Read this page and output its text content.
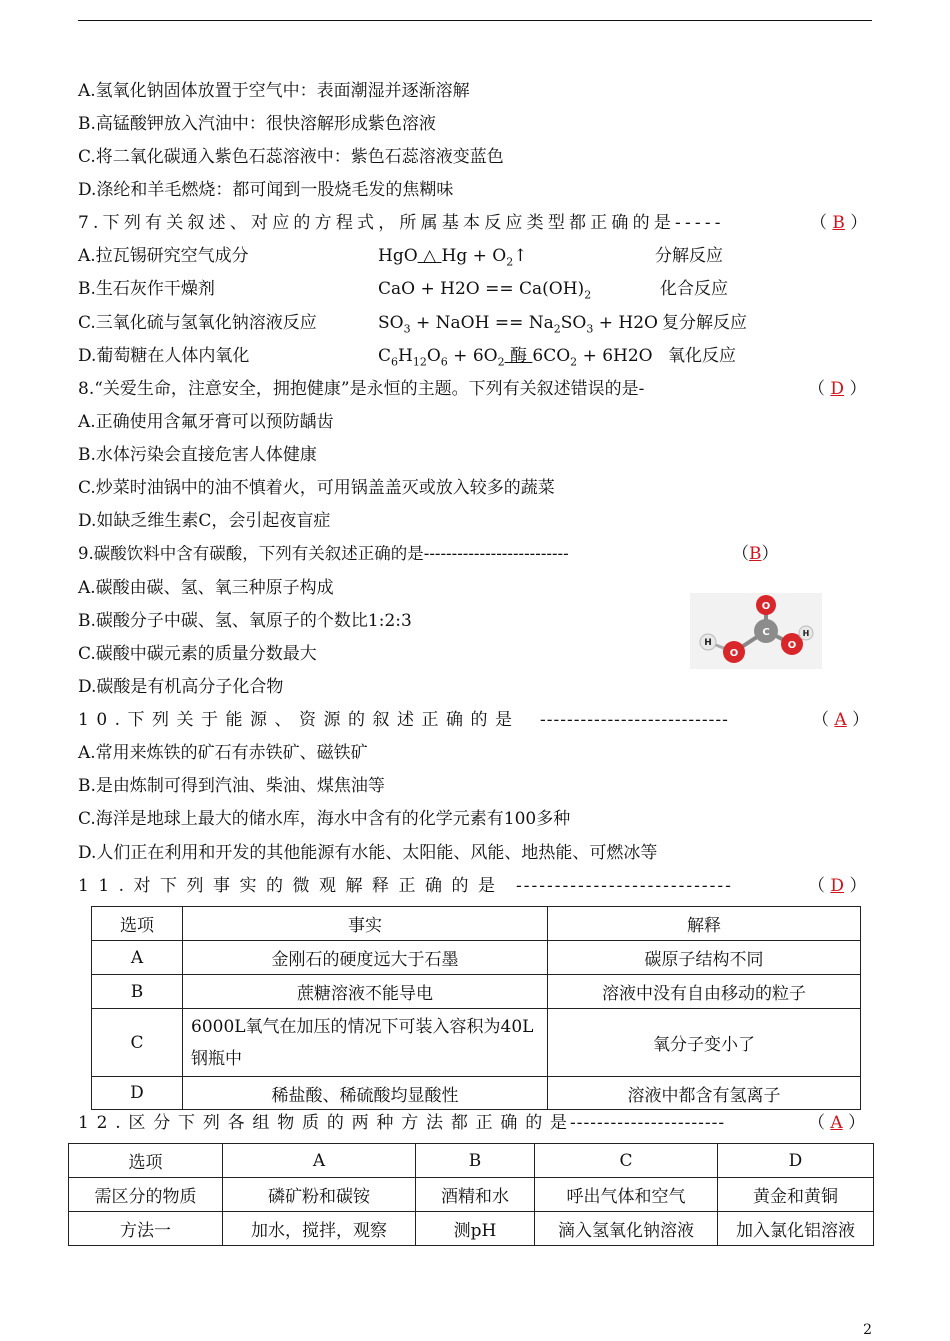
A.氢氧化钠固体放置于空气中：表面潮湿并逐渐溶解
B.高锰酸钾放入汽油中：很快溶解形成紫色溶液
C.将二氧化碳通入紫色石蕊溶液中：紫色石蕊溶液变蓝色
D.涤纶和羊毛燃烧：都可闻到一股烧毛发的焦糊味
7.下列有关叙述、对应的方程式，所属基本反应类型都正确的是-----	（ B ）
A.拉瓦锡研究空气成分	HgO △ $Hg + O_2↑$	分解反应
B.生石灰作干燥剂	CaO + $H2O == Ca(OH)_2$	化合反应
C.三氧化硫与氢氧化钠溶液反应	$SO_3$ + NaOH == $Na_2SO_3 + H2O$ 复分解反应
D.葡萄糖在人体内氧化	$C_6H_{12}O_6 + 6O_2$ 酶 $6CO_2 + 6H2O$ 氧化反应
8.“关爱生命，注意安全，拥抱健康”是永恒的主题。下列有关叙述错误的是-	（ D ）
A.正确使用含氟牙膏可以预防龋齿
B.水体污染会直接危害人体健康
C.炒菜时油锅中的油不慎着火，可用锅盖盖灭或放入较多的蔬菜
D.如缺乏维生素C，会引起夜盲症
9.碳酸饮料中含有碳酸，下列有关叙述正确的是--------------------------	（B）
A.碳酸由碳、氢、氧三种原子构成
B.碳酸分子中碳、氢、氧原子的个数比1:2:3
C.碳酸中碳元素的质量分数最大
D.碳酸是有机高分子化合物
O
C
O
O
H
H
10.下列关于能源、资源的叙述正确的是 ----------------------------	（ A ）
A.常用来炼铁的矿石有赤铁矿、磁铁矿
B.是由炼制可得到汽油、柴油、煤焦油等
C.海洋是地球上最大的储水库，海水中含有的化学元素有100多种
D.人们正在利用和开发的其他能源有水能、太阳能、风能、地热能、可燃冰等
11.对下列事实的微观解释正确的是 ----------------------------	（ D ）
选项	事实	解释
A	金刚石的硬度远大于石墨	碳原子结构不同
B	蔗糖溶液不能导电	溶液中没有自由移动的粒子
C	6000L氧气在加压的情况下可装入容积为40L钢瓶中	氧分子变小了
D	稀盐酸、稀硫酸均显酸性	溶液中都含有氢离子
12.区分下列各组物质的两种方法都正确的是
-----------------------	（ A ）
选项	A	B	C	D
需区分的物质	磷矿粉和碳铵	酒精和水	呼出气体和空气	黄金和黄铜
方法一	加水，搅拌，观察	测pH	滴入氢氧化钠溶液	加入氯化铝溶液
2
